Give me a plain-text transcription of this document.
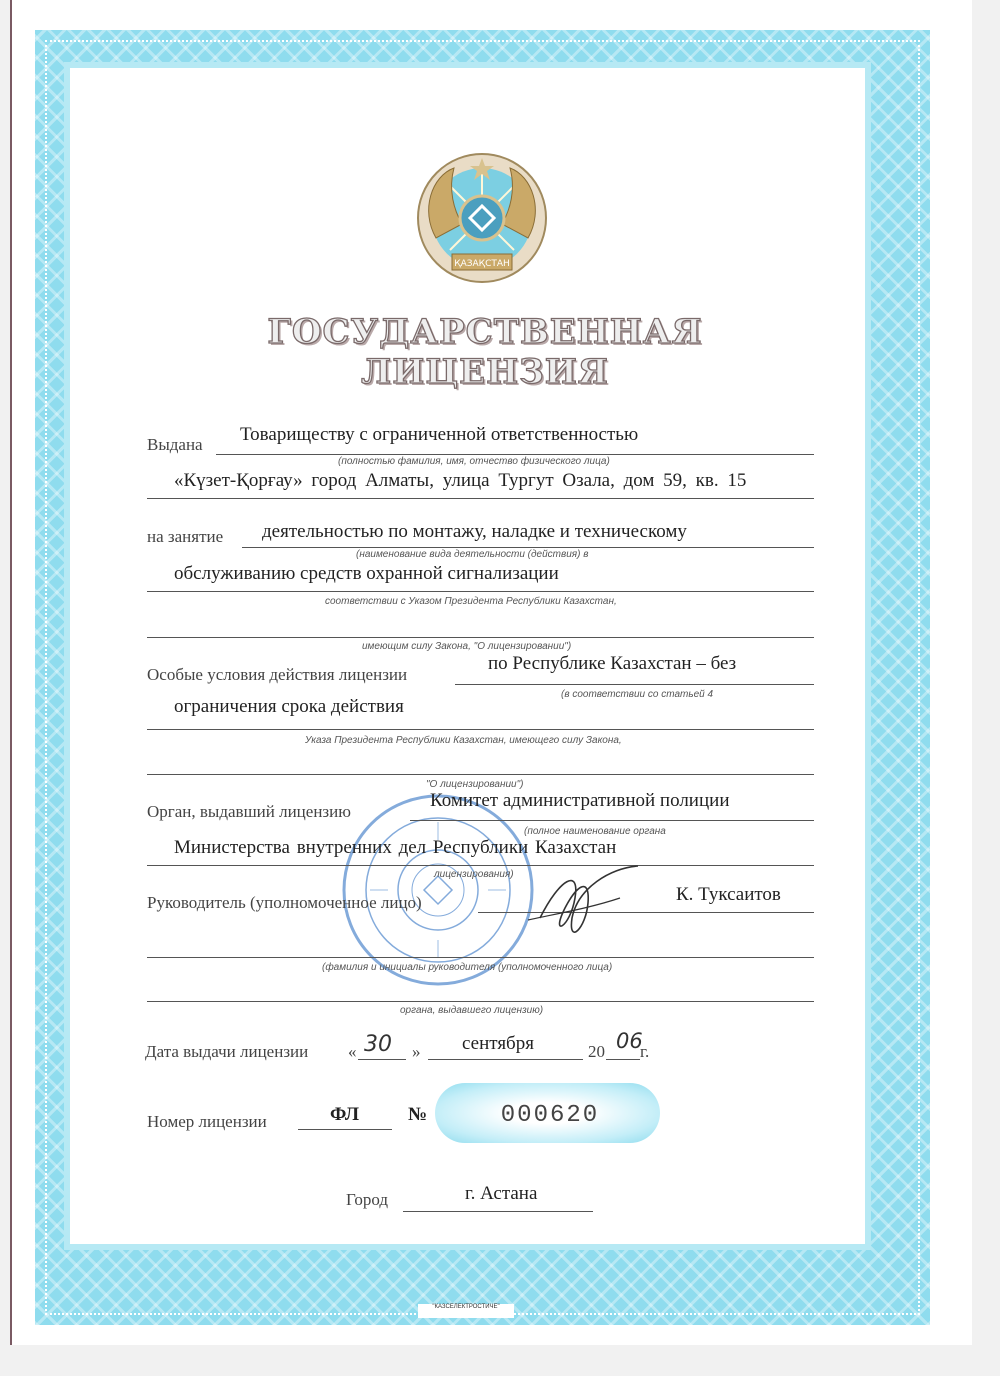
ҚАЗАҚСТАН
ГОСУДАРСТВЕННАЯ ЛИЦЕНЗИЯ
Выдана Товариществу с ограниченной ответственностью
(полностью фамилия, имя, отчество физического лица)
«Күзет-Қорғау» город Алматы, улица Тургут Озала, дом 59, кв. 15
на занятие деятельностью по монтажу, наладке и техническому
(наименование вида деятельности (действия) в
обслуживанию средств охранной сигнализации
соответствии с Указом Президента Республики Казахстан,
имеющим силу Закона, "О лицензировании")
Особые условия действия лицензии
по Республике Казахстан – без
(в соответствии со статьей 4
ограничения срока действия
Указа Президента Республики Казахстан, имеющего силу Закона,
"О лицензировании")
Орган, выдавший лицензию
Комитет административной полиции
(полное наименование органа
Министерства внутренних дел Республики Казахстан
лицензирования)
Руководитель (уполномоченное лицо)	К. Туксаитов
(фамилия и инициалы руководителя (уполномоченного лица)
органа, выдавшего лицензию)
Дата выдачи лицензии « 30 » сентября	20 06
г.
Номер лицензии	ФЛ	№	000620
Город	г. Астана
"КАЗСЕЛЕКТРОСТИЧЕ"
